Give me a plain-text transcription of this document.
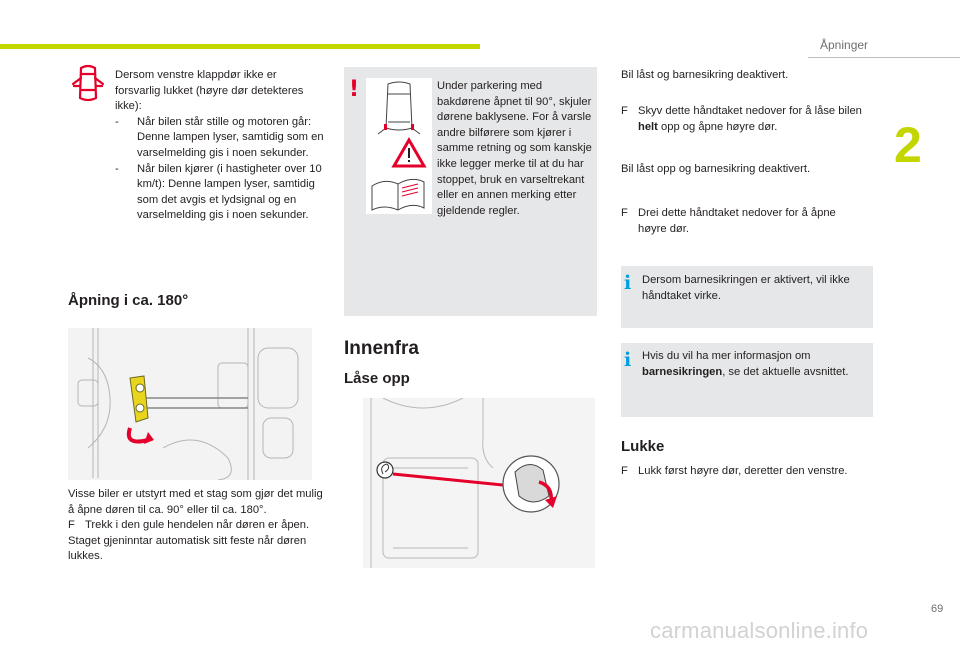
Åpninger
2
Dersom venstre klappdør ikke er forsvarlig lukket (høyre dør detekteres ikke):
- Når bilen står stille og motoren går: Denne lampen lyser, samtidig som en varselmelding gis i noen sekunder.
- Når bilen kjører (i hastigheter over 10 km/t): Denne lampen lyser, samtidig som det avgis et lydsignal og en varselmelding gis i noen sekunder.
Åpning i ca. 180°
Visse biler er utstyrt med et stag som gjør det mulig å åpne døren til ca. 90° eller til ca. 180°.
F Trekk i den gule hendelen når døren er åpen.
Staget gjeninntar automatisk sitt feste når døren lukkes.
!	Under parkering med bakdørene åpnet til 90°, skjuler dørene baklysene. For å varsle andre bilførere som kjører i samme retning og som kanskje ikke legger merke til at du har stoppet, bruk en varseltrekant eller en annen merking etter gjeldende regler.
Innenfra
Låse opp
Bil låst og barnesikring deaktivert.
F Skyv dette håndtaket nedover for å låse bilen helt opp og åpne høyre dør.
Bil låst opp og barnesikring deaktivert.
F Drei dette håndtaket nedover for å åpne høyre dør.
i Dersom barnesikringen er aktivert, vil ikke håndtaket virke.
i Hvis du vil ha mer informasjon om barnesikringen, se det aktuelle avsnittet.
Lukke
F Lukk først høyre dør, deretter den venstre.
69
carmanualsonline.info
